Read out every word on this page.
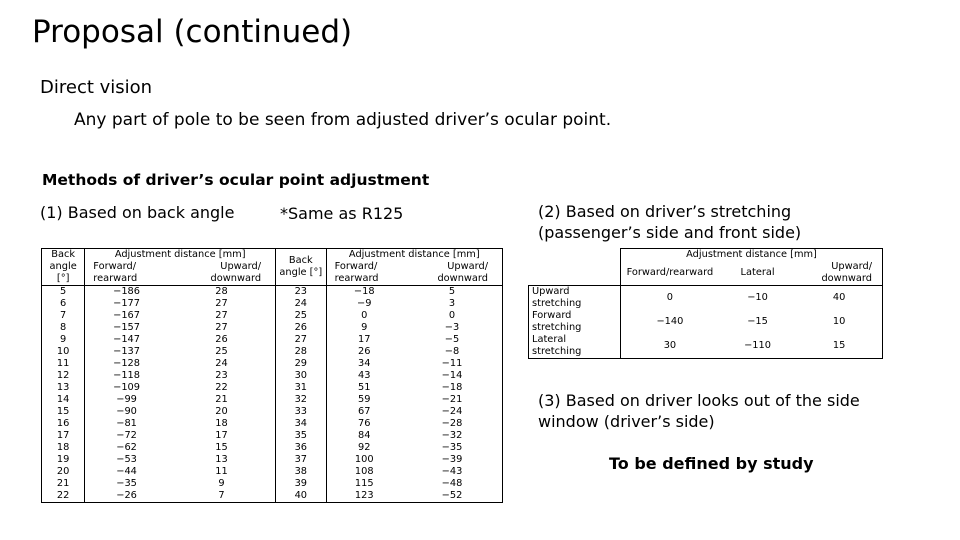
Proposal (continued)
Direct vision
Any part of pole to be seen from adjusted driver’s ocular point.
Methods of driver’s ocular point adjustment
(1) Based on back angle	*Same as R125	(2) Based on driver’s stretching (passenger’s side and front side)
(3) Based on driver looks out of the side window (driver’s side)
To be defined by study
Back angle [°]	Adjustment distance [mm]		Back angle [°]	Adjustment distance [mm]	
	Forward/	Upward/		Forward/	Upward/
	rearward	downward		rearward	downward
5	−186	28	23	−18	5
6	−177	27	24	−9	3
7	−167	27	25	0	0
8	−157	27	26	9	−3
9	−147	26	27	17	−5
10	−137	25	28	26	−8
11	−128	24	29	34	−11
12	−118	23	30	43	−14
13	−109	22	31	51	−18
14	−99	21	32	59	−21
15	−90	20	33	67	−24
16	−81	18	34	76	−28
17	−72	17	35	84	−32
18	−62	15	36	92	−35
19	−53	13	37	100	−39
20	−44	11	38	108	−43
21	−35	9	39	115	−48
22	−26	7	40	123	−52
	Adjustment distance [mm]		
	Forward/rearward	Lateral	Upward/
downward

Upward
stretching	0	−10	40

Forward
stretching	−140	−15	10

Lateral
stretching	30	−110	15
